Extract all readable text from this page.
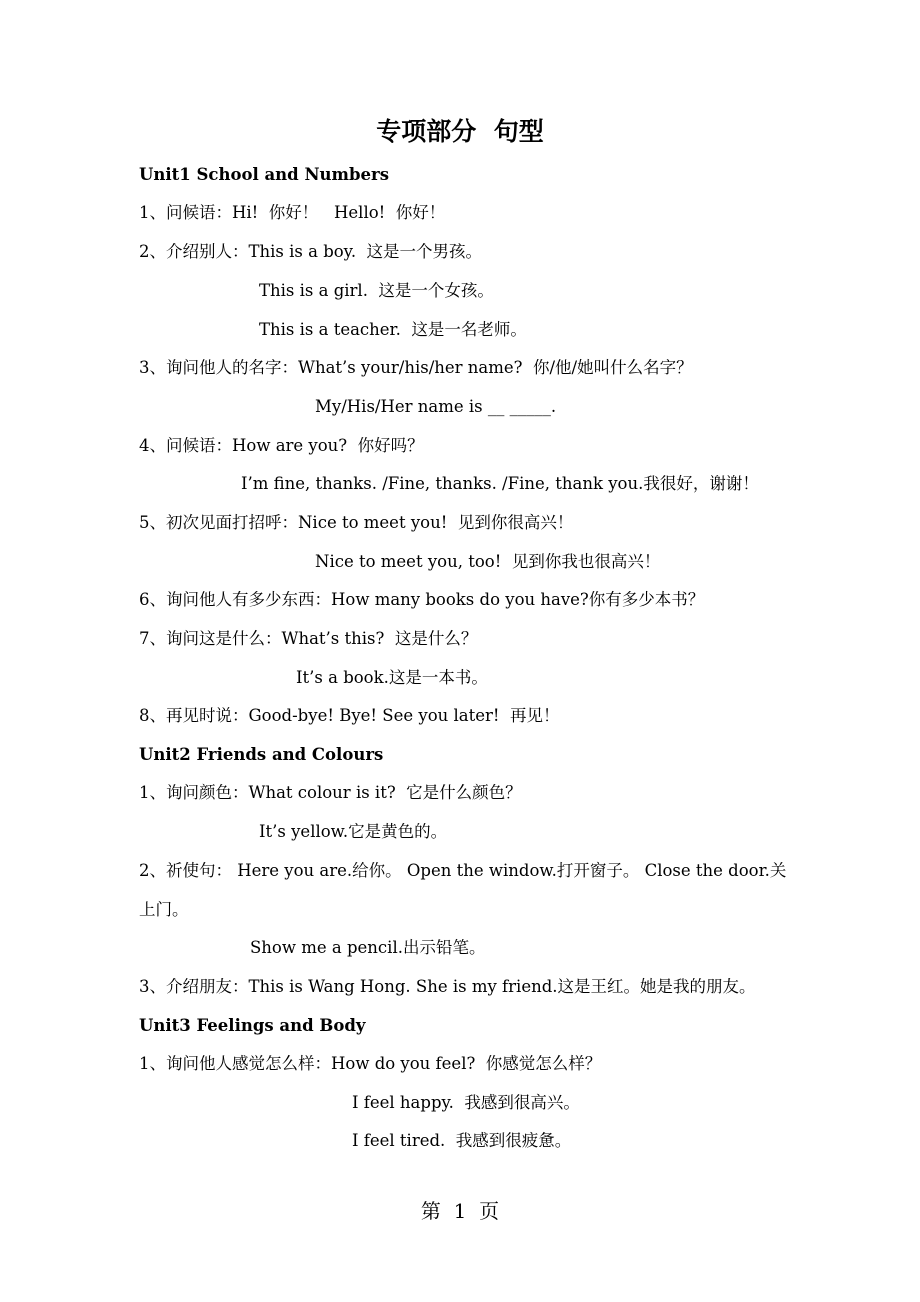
专项部分  句型
Unit1 School and Numbers
1、问候语：Hi!  你好！   Hello!  你好！
2、介绍别人：This is a boy.  这是一个男孩。
This is a girl.  这是一个女孩。
This is a teacher.  这是一名老师。
3、询问他人的名字：What’s your/his/her name?  你/他/她叫什么名字？
My/His/Her name is __ _____.
4、问候语：How are you?  你好吗？
I’m fine, thanks. /Fine, thanks. /Fine, thank you.我很好，谢谢！
5、初次见面打招呼：Nice to meet you!  见到你很高兴！
Nice to meet you, too!  见到你我也很高兴！
6、询问他人有多少东西：How many books do you have?你有多少本书？
7、询问这是什么：What’s this?  这是什么？
It’s a book.这是一本书。
8、再见时说：Good-bye! Bye! See you later!  再见！
Unit2 Friends and Colours
1、询问颜色：What colour is it?  它是什么颜色？
It’s yellow.它是黄色的。
2、祈使句： Here you are.给你。 Open the window.打开窗子。 Close the door.关上门。
Show me a pencil.出示铅笔。
3、介绍朋友：This is Wang Hong. She is my friend.这是王红。她是我的朋友。
Unit3 Feelings and Body
1、询问他人感觉怎么样：How do you feel?  你感觉怎么样？
I feel happy.  我感到很高兴。
I feel tired.  我感到很疲惫。
第  1  页
